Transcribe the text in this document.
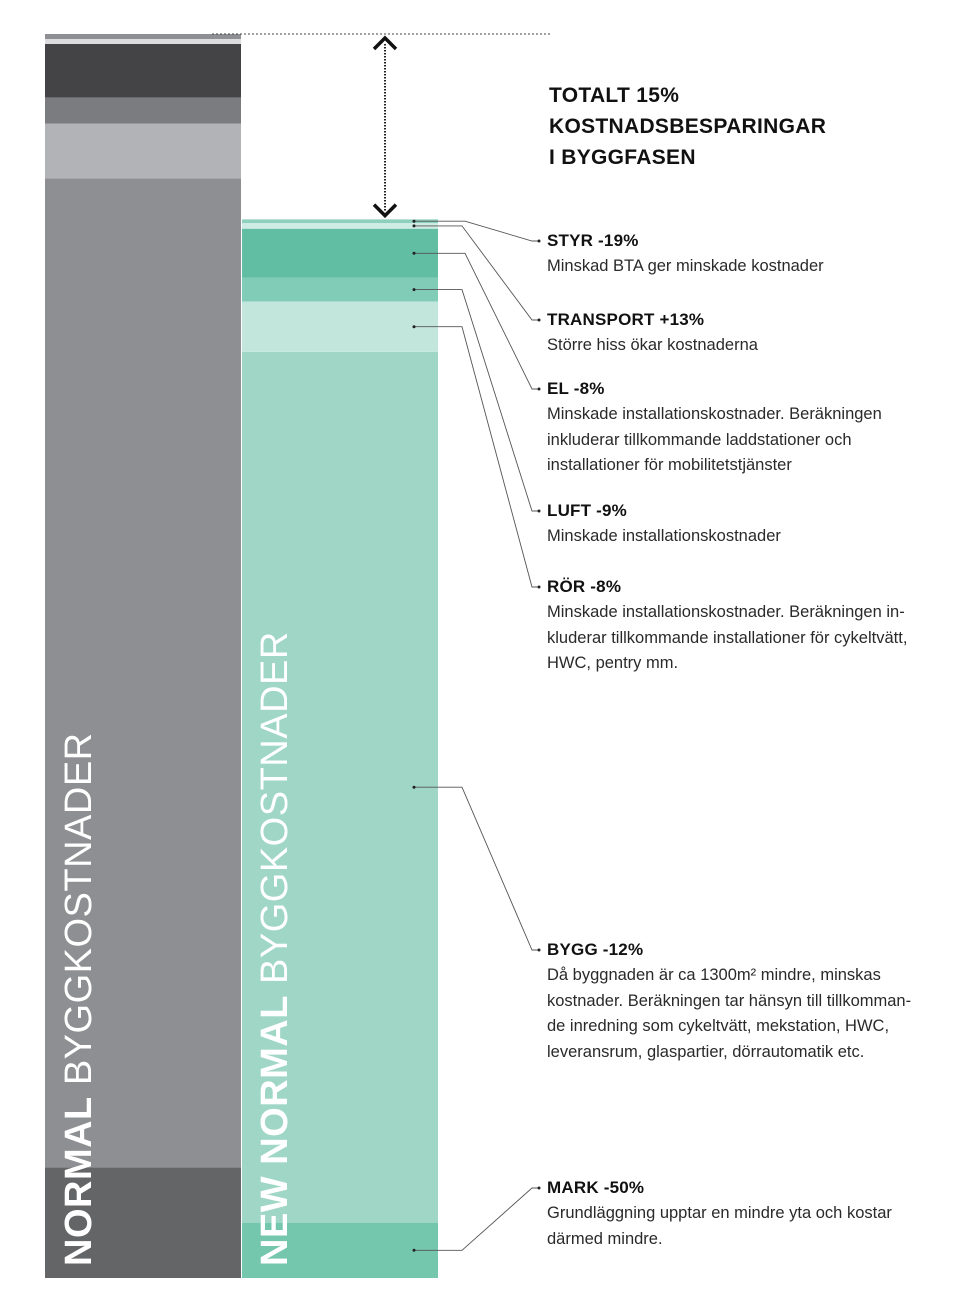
NORMAL BYGGKOSTNADER
NEW NORMAL BYGGKOSTNADER
TOTALT 15%
KOSTNADSBESPARINGAR
I BYGGFASEN
STYR -19%
Minskad BTA ger minskade kostnader
TRANSPORT +13%
Större hiss ökar kostnaderna
EL -8%
Minskade installationskostnader. Beräkningen
inkluderar tillkommande laddstationer och
installationer för mobilitetstjänster
LUFT -9%
Minskade installationskostnader
RÖR -8%
Minskade installationskostnader. Beräkningen in-
kluderar tillkommande installationer för cykeltvätt,
HWC, pentry mm.
BYGG -12%
Då byggnaden är ca 1300m² mindre, minskas
kostnader. Beräkningen tar hänsyn till tillkomman-
de inredning som cykeltvätt, mekstation, HWC,
leveransrum, glaspartier, dörrautomatik etc.
MARK -50%
Grundläggning upptar en mindre yta och kostar
därmed mindre.
